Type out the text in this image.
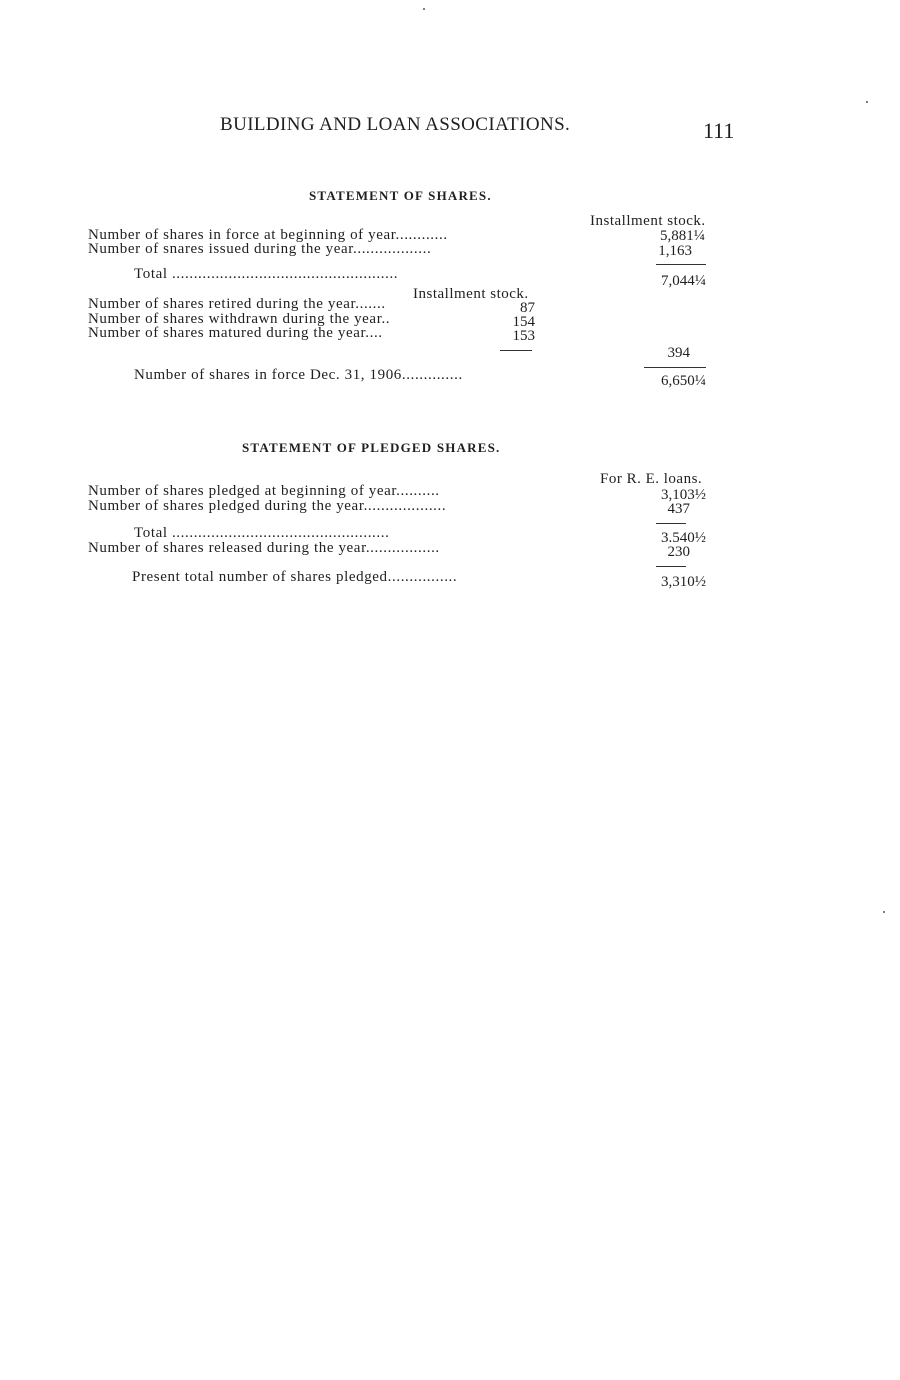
BUILDING AND LOAN ASSOCIATIONS.	111
STATEMENT OF SHARES.
Installment stock.
Number of shares in force at beginning of year............	5,881¼
Number of snares issued during the year..................	1,163
Total ....................................................	7,044¼
Installment stock.
Number of shares retired during the year.......	87
Number of shares withdrawn during the year..	154
Number of shares matured during the year....	153
394
Number of shares in force Dec. 31, 1906..............	6,650¼
STATEMENT OF PLEDGED SHARES.
For R. E. loans.
Number of shares pledged at beginning of year..........	3,103½
Number of shares pledged during the year...................	437
Total ..................................................	3.540½
Number of shares released during the year.................	230
Present total number of shares pledged................	3,310½
